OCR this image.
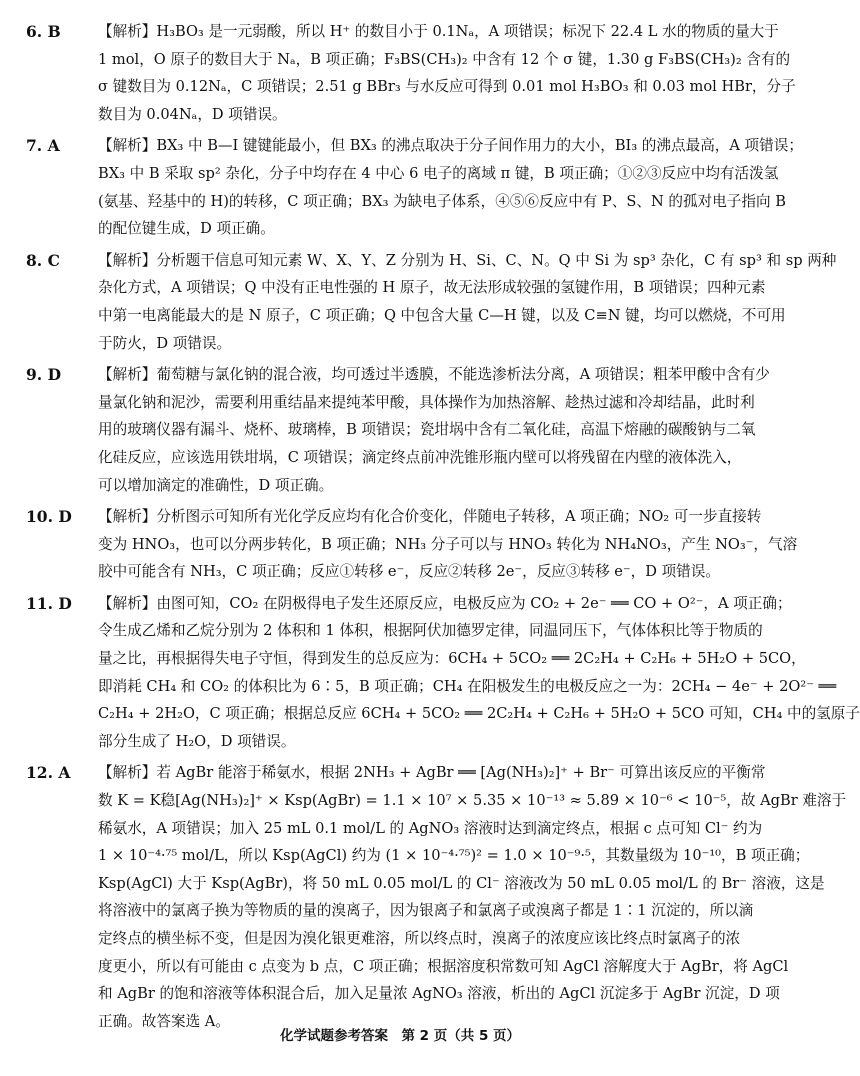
6. B	【解析】H₃BO₃ 是一元弱酸，所以 H⁺ 的数目小于 0.1Nₐ，A 项错误；标况下 22.4 L 水的物质的量大于
1 mol，O 原子的数目大于 Nₐ，B 项正确；F₃BS(CH₃)₂ 中含有 12 个 σ 键，1.30 g F₃BS(CH₃)₂ 含有的
σ 键数目为 0.12Nₐ，C 项错误；2.51 g BBr₃ 与水反应可得到 0.01 mol H₃BO₃ 和 0.03 mol HBr，分子
数目为 0.04Nₐ，D 项错误。
7. A	【解析】BX₃ 中 B—I 键键能最小，但 BX₃ 的沸点取决于分子间作用力的大小，BI₃ 的沸点最高，A 项错误；
BX₃ 中 B 采取 sp² 杂化，分子中均存在 4 中心 6 电子的离域 π 键，B 项正确；①②③反应中均有活泼氢
(氨基、羟基中的 H)的转移，C 项正确；BX₃ 为缺电子体系，④⑤⑥反应中有 P、S、N 的孤对电子指向 B
的配位键生成，D 项正确。
8. C	【解析】分析题干信息可知元素 W、X、Y、Z 分别为 H、Si、C、N。Q 中 Si 为 sp³ 杂化，C 有 sp³ 和 sp 两种
杂化方式，A 项错误；Q 中没有正电性强的 H 原子，故无法形成较强的氢键作用，B 项错误；四种元素
中第一电离能最大的是 N 原子，C 项正确；Q 中包含大量 C—H 键，以及 C≡N 键，均可以燃烧，不可用
于防火，D 项错误。
9. D	【解析】葡萄糖与氯化钠的混合液，均可透过半透膜，不能选渗析法分离，A 项错误；粗苯甲酸中含有少
量氯化钠和泥沙，需要利用重结晶来提纯苯甲酸，具体操作为加热溶解、趁热过滤和冷却结晶，此时利
用的玻璃仪器有漏斗、烧杯、玻璃棒，B 项错误；瓷坩埚中含有二氧化硅，高温下熔融的碳酸钠与二氧
化硅反应，应该选用铁坩埚，C 项错误；滴定终点前冲洗锥形瓶内壁可以将残留在内壁的液体洗入，
可以增加滴定的准确性，D 项正确。
10. D	【解析】分析图示可知所有光化学反应均有化合价变化，伴随电子转移，A 项正确；NO₂ 可一步直接转
变为 HNO₃，也可以分两步转化，B 项正确；NH₃ 分子可以与 HNO₃ 转化为 NH₄NO₃，产生 NO₃⁻，气溶
胶中可能含有 NH₃，C 项正确；反应①转移 e⁻，反应②转移 2e⁻，反应③转移 e⁻，D 项错误。
11. D	【解析】由图可知，CO₂ 在阴极得电子发生还原反应，电极反应为 CO₂ + 2e⁻ ══ CO + O²⁻，A 项正确；
令生成乙烯和乙烷分别为 2 体积和 1 体积，根据阿伏加德罗定律，同温同压下，气体体积比等于物质的
量之比，再根据得失电子守恒，得到发生的总反应为：6CH₄ + 5CO₂ ══ 2C₂H₄ + C₂H₆ + 5H₂O + 5CO，
即消耗 CH₄ 和 CO₂ 的体积比为 6∶5，B 项正确；CH₄ 在阳极发生的电极反应之一为：2CH₄ − 4e⁻ + 2O²⁻ ══
C₂H₄ + 2H₂O，C 项正确；根据总反应 6CH₄ + 5CO₂ ══ 2C₂H₄ + C₂H₆ + 5H₂O + 5CO 可知，CH₄ 中的氢原子
部分生成了 H₂O，D 项错误。
12. A	【解析】若 AgBr 能溶于稀氨水，根据 2NH₃ + AgBr ══ [Ag(NH₃)₂]⁺ + Br⁻ 可算出该反应的平衡常
数 K = K稳[Ag(NH₃)₂]⁺ × Ksp(AgBr) = 1.1 × 10⁷ × 5.35 × 10⁻¹³ ≈ 5.89 × 10⁻⁶ < 10⁻⁵，故 AgBr 难溶于
稀氨水，A 项错误；加入 25 mL 0.1 mol/L 的 AgNO₃ 溶液时达到滴定终点，根据 c 点可知 Cl⁻ 约为
1 × 10⁻⁴·⁷⁵ mol/L，所以 Ksp(AgCl) 约为 (1 × 10⁻⁴·⁷⁵)² = 1.0 × 10⁻⁹·⁵，其数量级为 10⁻¹⁰，B 项正确；
Ksp(AgCl) 大于 Ksp(AgBr)，将 50 mL 0.05 mol/L 的 Cl⁻ 溶液改为 50 mL 0.05 mol/L 的 Br⁻ 溶液，这是
将溶液中的氯离子换为等物质的量的溴离子，因为银离子和氯离子或溴离子都是 1∶1 沉淀的，所以滴
定终点的横坐标不变，但是因为溴化银更难溶，所以终点时，溴离子的浓度应该比终点时氯离子的浓
度更小，所以有可能由 c 点变为 b 点，C 项正确；根据溶度积常数可知 AgCl 溶解度大于 AgBr，将 AgCl
和 AgBr 的饱和溶液等体积混合后，加入足量浓 AgNO₃ 溶液，析出的 AgCl 沉淀多于 AgBr 沉淀，D 项
正确。故答案选 A。
化学试题参考答案　第 2 页（共 5 页）
